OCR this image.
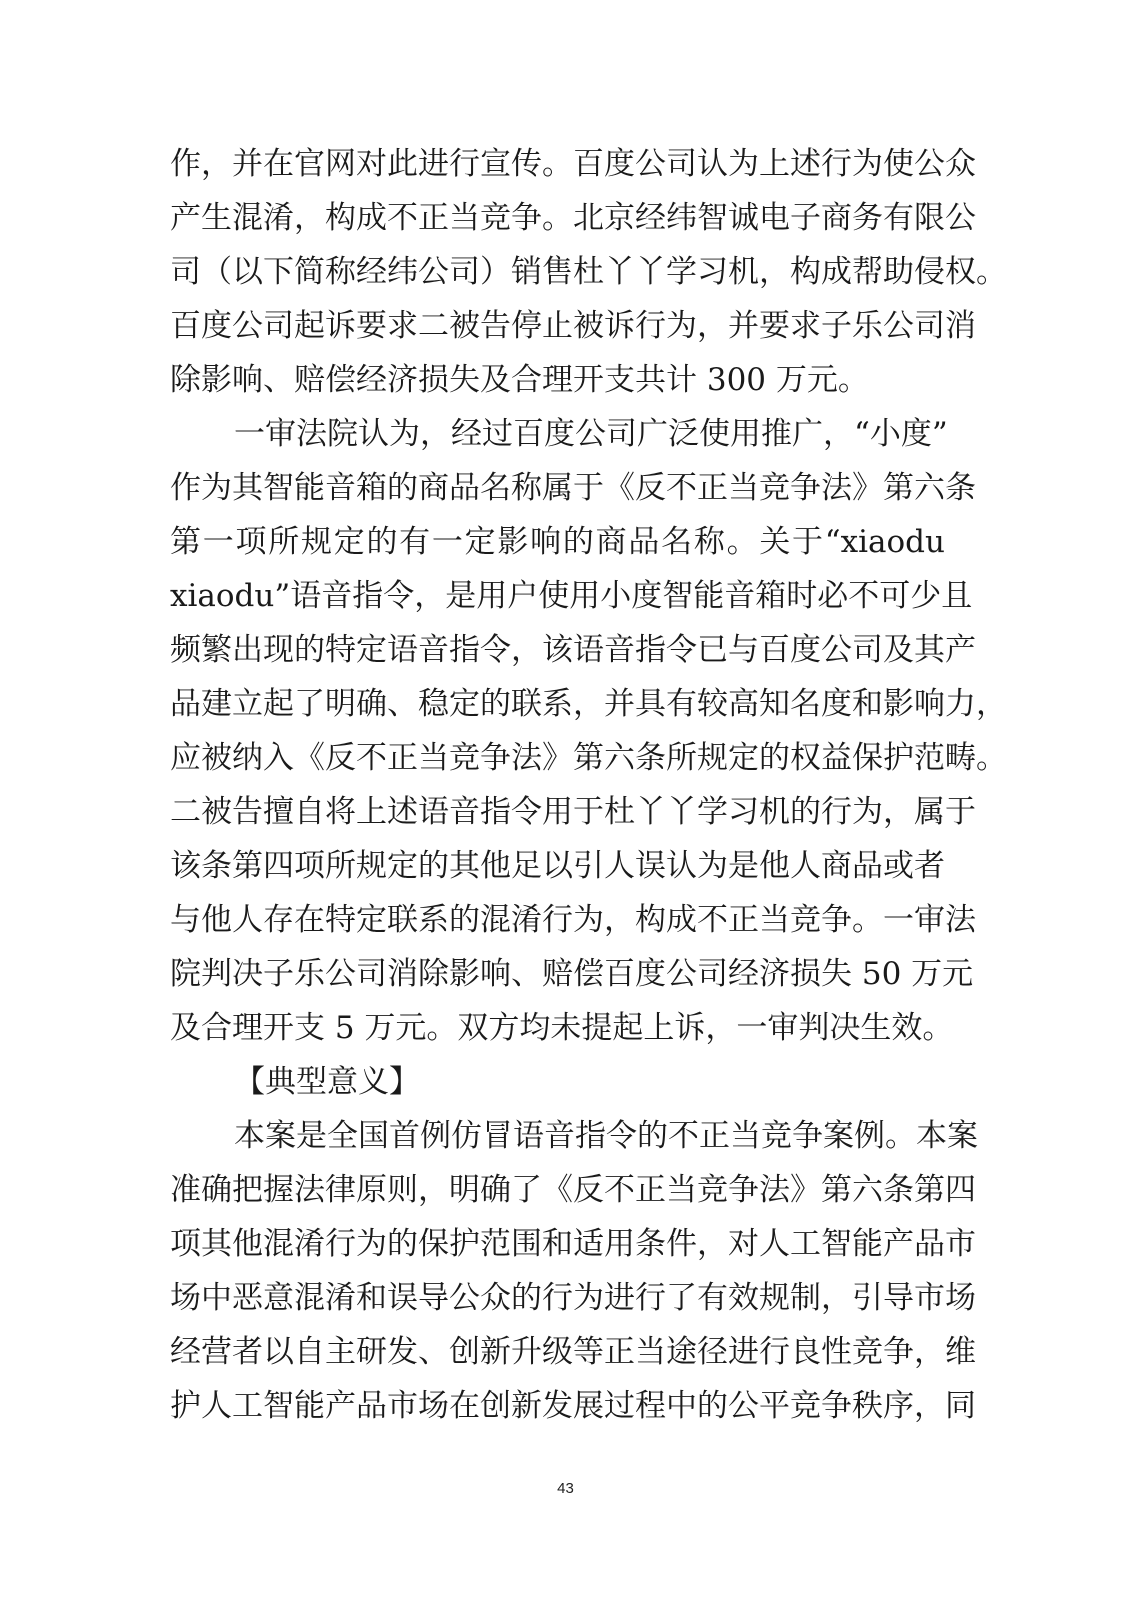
作，并在官网对此进行宣传。百度公司认为上述行为使公众
产生混淆，构成不正当竞争。北京经纬智诚电子商务有限公
司（以下简称经纬公司）销售杜丫丫学习机，构成帮助侵权。
百度公司起诉要求二被告停止被诉行为，并要求子乐公司消
除影响、赔偿经济损失及合理开支共计 300 万元。
一审法院认为，经过百度公司广泛使用推广，“小度”
作为其智能音箱的商品名称属于《反不正当竞争法》第六条
第一项所规定的有一定影响的商品名称。关于“xiaodu
xiaodu”语音指令，是用户使用小度智能音箱时必不可少且
频繁出现的特定语音指令，该语音指令已与百度公司及其产
品建立起了明确、稳定的联系，并具有较高知名度和影响力，
应被纳入《反不正当竞争法》第六条所规定的权益保护范畴。
二被告擅自将上述语音指令用于杜丫丫学习机的行为，属于
该条第四项所规定的其他足以引人误认为是他人商品或者
与他人存在特定联系的混淆行为，构成不正当竞争。一审法
院判决子乐公司消除影响、赔偿百度公司经济损失 50 万元
及合理开支 5 万元。双方均未提起上诉，一审判决生效。
【典型意义】
本案是全国首例仿冒语音指令的不正当竞争案例。本案
准确把握法律原则，明确了《反不正当竞争法》第六条第四
项其他混淆行为的保护范围和适用条件，对人工智能产品市
场中恶意混淆和误导公众的行为进行了有效规制，引导市场
经营者以自主研发、创新升级等正当途径进行良性竞争，维
护人工智能产品市场在创新发展过程中的公平竞争秩序，同
43
